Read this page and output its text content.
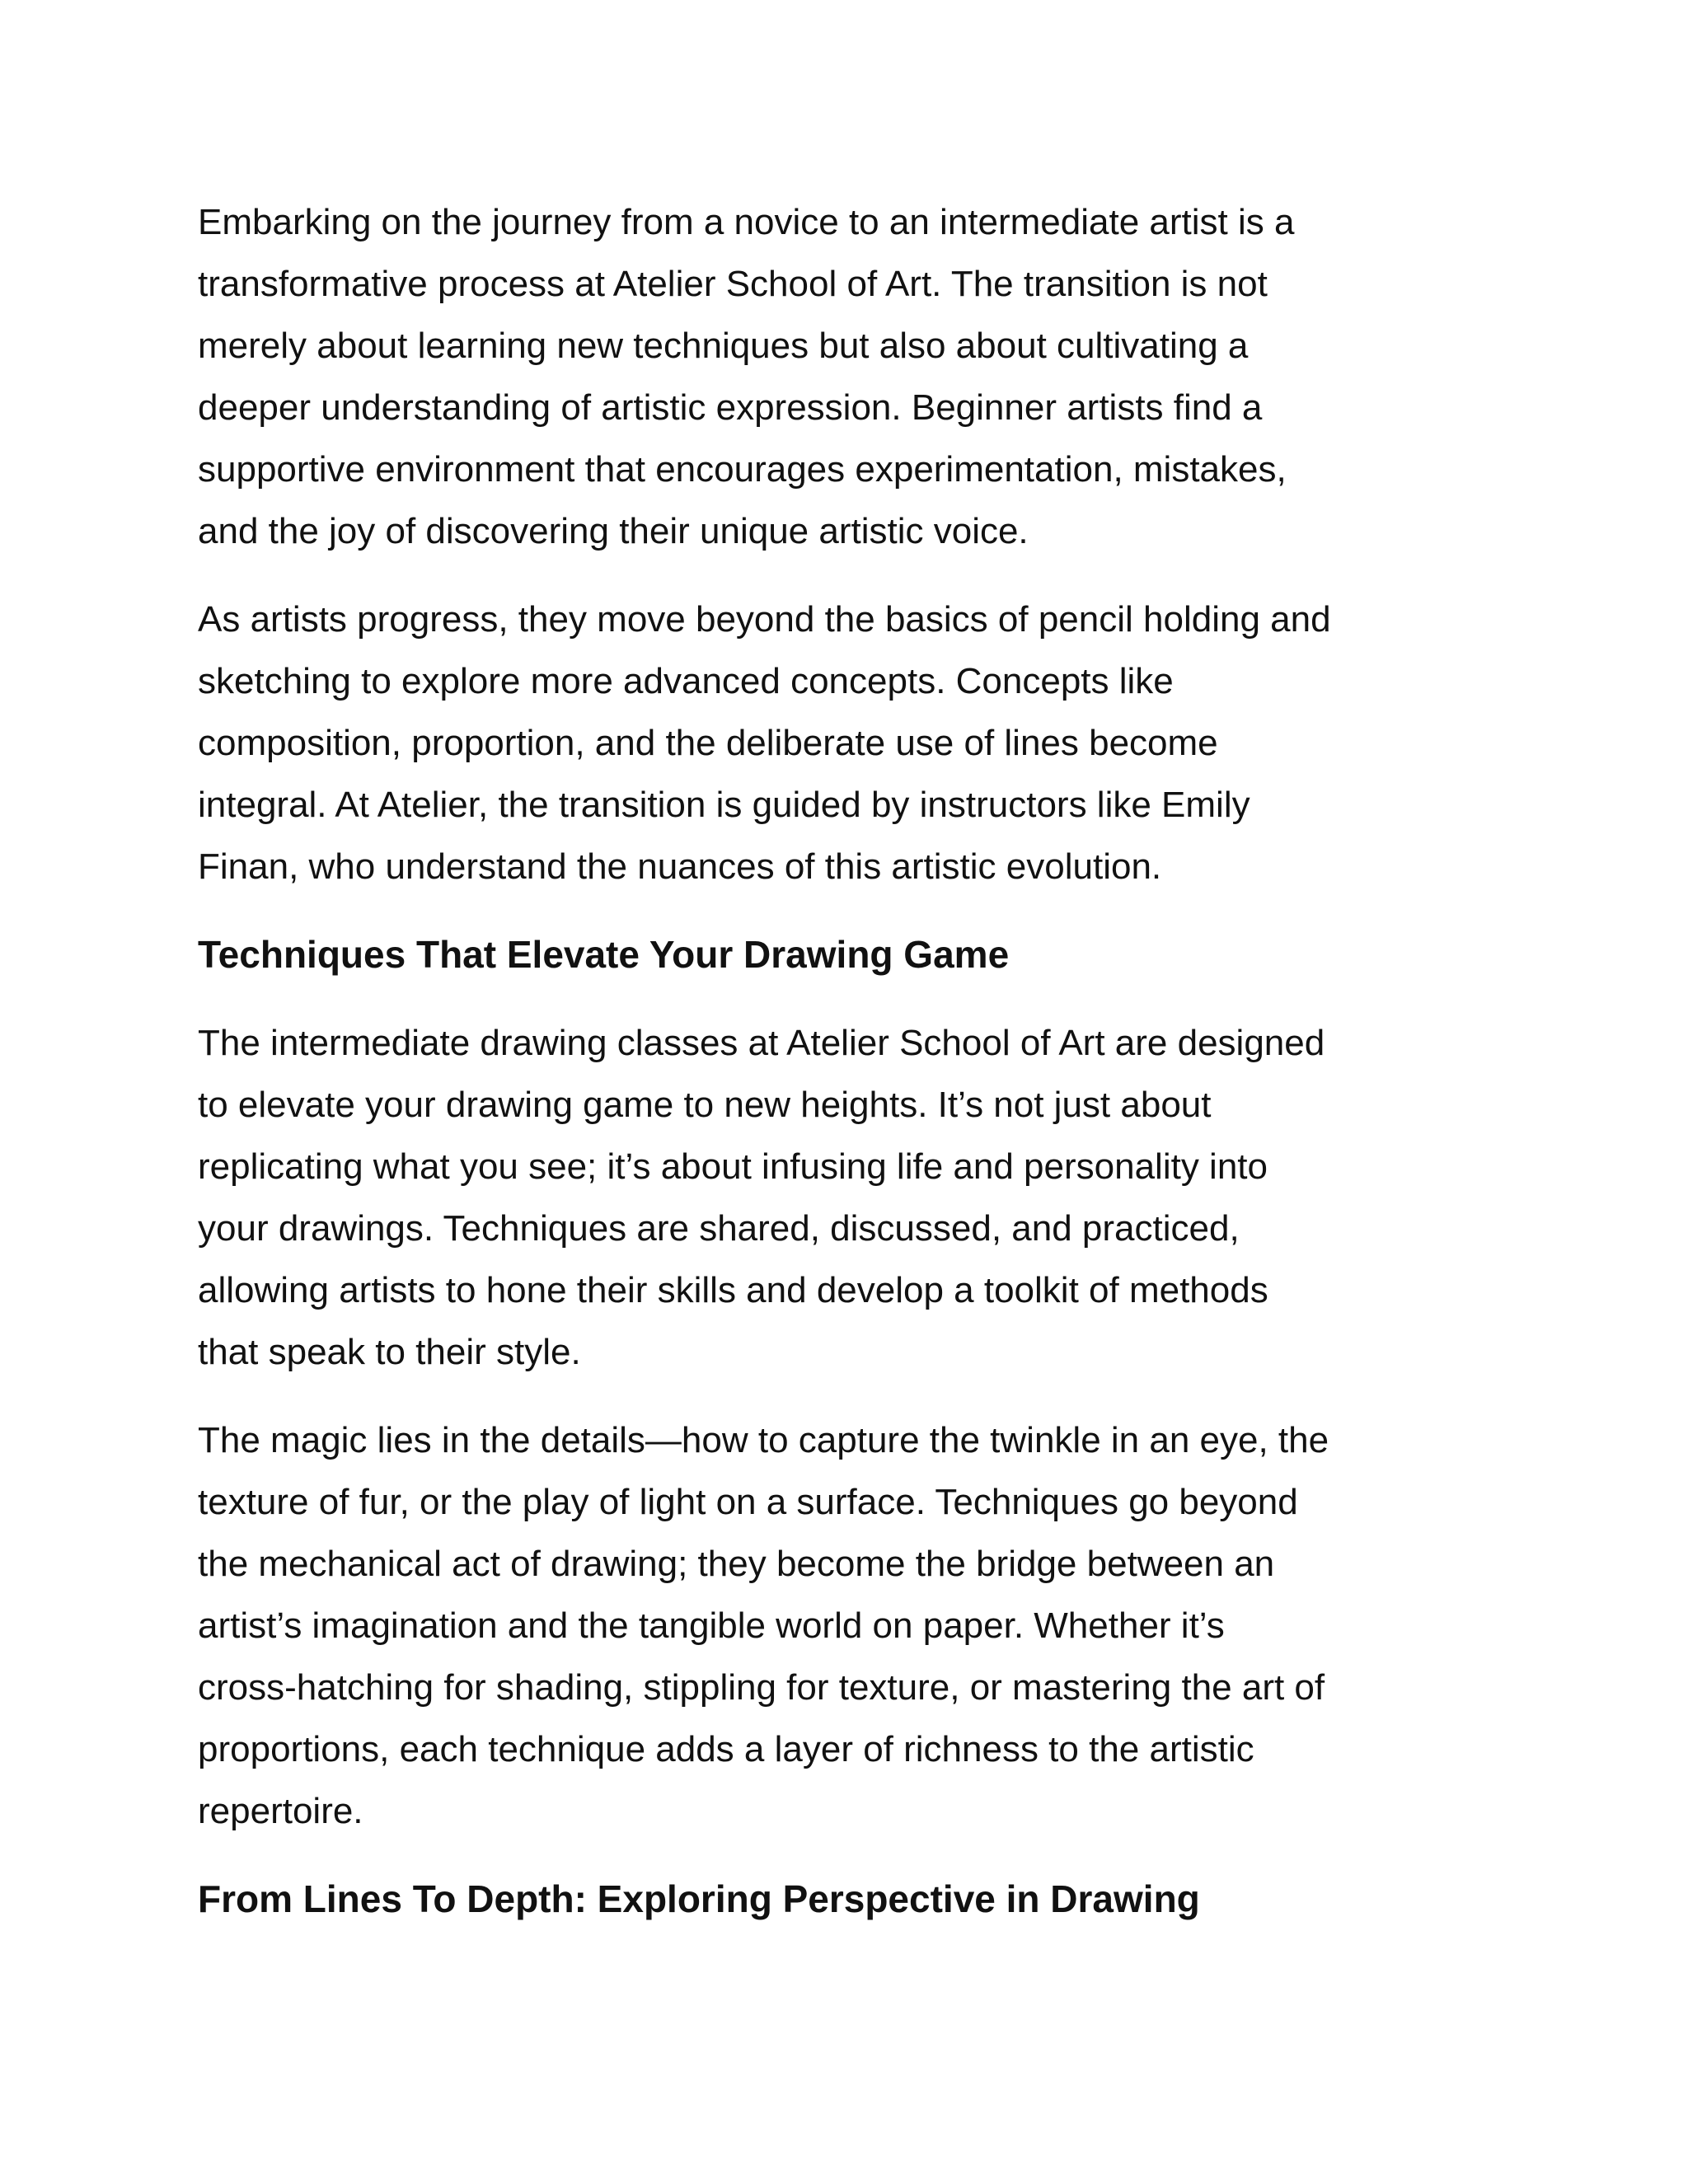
Embarking on the journey from a novice to an intermediate artist is a
transformative process at Atelier School of Art. The transition is not
merely about learning new techniques but also about cultivating a
deeper understanding of artistic expression. Beginner artists find a
supportive environment that encourages experimentation, mistakes,
and the joy of discovering their unique artistic voice.

As artists progress, they move beyond the basics of pencil holding and
sketching to explore more advanced concepts. Concepts like
composition, proportion, and the deliberate use of lines become
integral. At Atelier, the transition is guided by instructors like Emily
Finan, who understand the nuances of this artistic evolution.

Techniques That Elevate Your Drawing Game

The intermediate drawing classes at Atelier School of Art are designed
to elevate your drawing game to new heights. It’s not just about
replicating what you see; it’s about infusing life and personality into
your drawings. Techniques are shared, discussed, and practiced,
allowing artists to hone their skills and develop a toolkit of methods
that speak to their style.

The magic lies in the details—how to capture the twinkle in an eye, the
texture of fur, or the play of light on a surface. Techniques go beyond
the mechanical act of drawing; they become the bridge between an
artist’s imagination and the tangible world on paper. Whether it’s
cross-hatching for shading, stippling for texture, or mastering the art of
proportions, each technique adds a layer of richness to the artistic
repertoire.

From Lines To Depth: Exploring Perspective in Drawing
